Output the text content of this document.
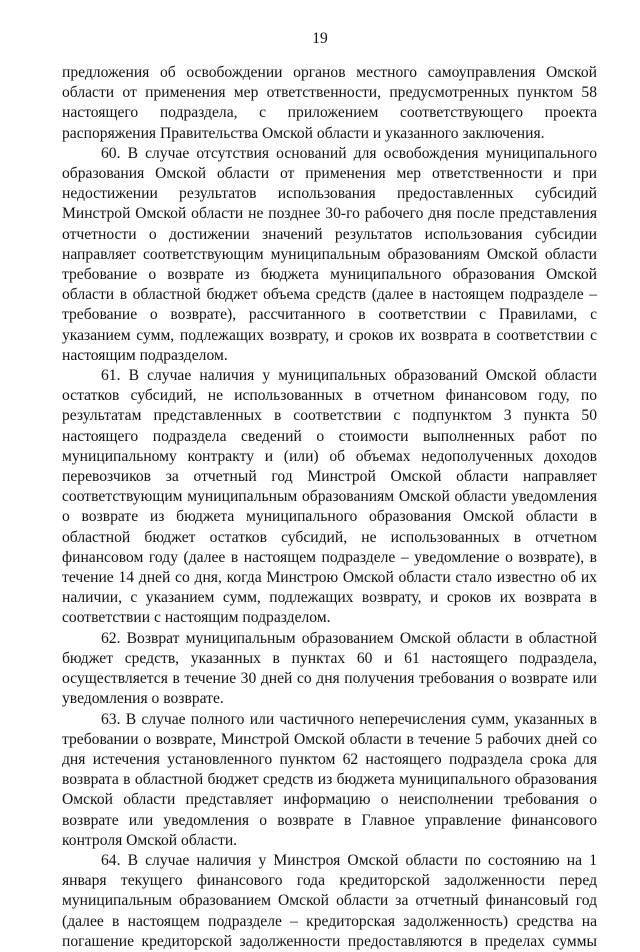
19

предложения об освобождении органов местного самоуправления Омской области от применения мер ответственности, предусмотренных пунктом 58 настоящего подраздела, с приложением соответствующего проекта распоряжения Правительства Омской области и указанного заключения.

60. В случае отсутствия оснований для освобождения муниципального образования Омской области от применения мер ответственности и при недостижении результатов использования предоставленных субсидий Минстрой Омской области не позднее 30-го рабочего дня после представления отчетности о достижении значений результатов использования субсидии направляет соответствующим муниципальным образованиям Омской области требование о возврате из бюджета муниципального образования Омской области в областной бюджет объема средств (далее в настоящем подразделе – требование о возврате), рассчитанного в соответствии с Правилами, с указанием сумм, подлежащих возврату, и сроков их возврата в соответствии с настоящим подразделом.

61. В случае наличия у муниципальных образований Омской области остатков субсидий, не использованных в отчетном финансовом году, по результатам представленных в соответствии с подпунктом 3 пункта 50 настоящего подраздела сведений о стоимости выполненных работ по муниципальному контракту и (или) об объемах недополученных доходов перевозчиков за отчетный год Минстрой Омской области направляет соответствующим муниципальным образованиям Омской области уведомления о возврате из бюджета муниципального образования Омской области в областной бюджет остатков субсидий, не использованных в отчетном финансовом году (далее в настоящем подразделе – уведомление о возврате), в течение 14 дней со дня, когда Минстрою Омской области стало известно об их наличии, с указанием сумм, подлежащих возврату, и сроков их возврата в соответствии с настоящим подразделом.

62. Возврат муниципальным образованием Омской области в областной бюджет средств, указанных в пунктах 60 и 61 настоящего подраздела, осуществляется в течение 30 дней со дня получения требования о возврате или уведомления о возврате.

63. В случае полного или частичного неперечисления сумм, указанных в требовании о возврате, Минстрой Омской области в течение 5 рабочих дней со дня истечения установленного пунктом 62 настоящего подраздела срока для возврата в областной бюджет средств из бюджета муниципального образования Омской области представляет информацию о неисполнении требования о возврате или уведомления о возврате в Главное управление финансового контроля Омской области.

64. В случае наличия у Минстроя Омской области по состоянию на 1 января текущего финансового года кредиторской задолженности перед муниципальным образованием Омской области за отчетный финансовый год (далее в настоящем подразделе – кредиторская задолженность) средства на погашение кредиторской задолженности предоставляются в пределах суммы
